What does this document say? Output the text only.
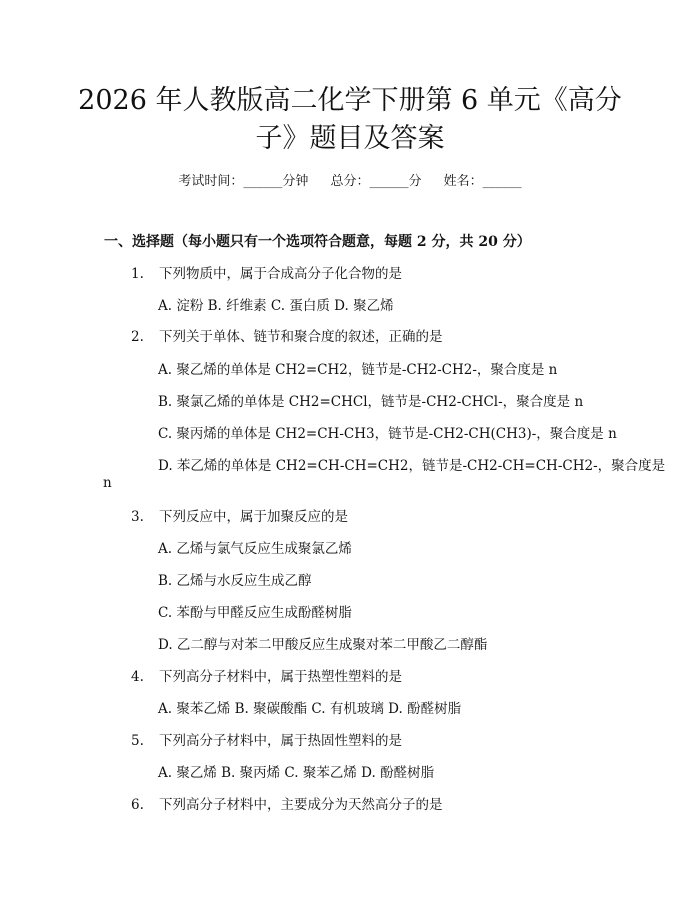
2026 年人教版高二化学下册第 6 单元《高分
子》题目及答案
考试时间：______分钟 总分：______分 姓名：______
一、选择题（每小题只有一个选项符合题意，每题 2 分，共 20 分）
1. 下列物质中，属于合成高分子化合物的是
A. 淀粉 B. 纤维素 C. 蛋白质 D. 聚乙烯
2. 下列关于单体、链节和聚合度的叙述，正确的是
A. 聚乙烯的单体是 CH2=CH2，链节是-CH2-CH2-，聚合度是 n
B. 聚氯乙烯的单体是 CH2=CHCl，链节是-CH2-CHCl-，聚合度是 n
C. 聚丙烯的单体是 CH2=CH-CH3，链节是-CH2-CH(CH3)-，聚合度是 n
D. 苯乙烯的单体是 CH2=CH-CH=CH2，链节是-CH2-CH=CH-CH2-，聚合度是
n
3. 下列反应中，属于加聚反应的是
A. 乙烯与氯气反应生成聚氯乙烯
B. 乙烯与水反应生成乙醇
C. 苯酚与甲醛反应生成酚醛树脂
D. 乙二醇与对苯二甲酸反应生成聚对苯二甲酸乙二醇酯
4. 下列高分子材料中，属于热塑性塑料的是
A. 聚苯乙烯 B. 聚碳酸酯 C. 有机玻璃 D. 酚醛树脂
5. 下列高分子材料中，属于热固性塑料的是
A. 聚乙烯 B. 聚丙烯 C. 聚苯乙烯 D. 酚醛树脂
6. 下列高分子材料中，主要成分为天然高分子的是
